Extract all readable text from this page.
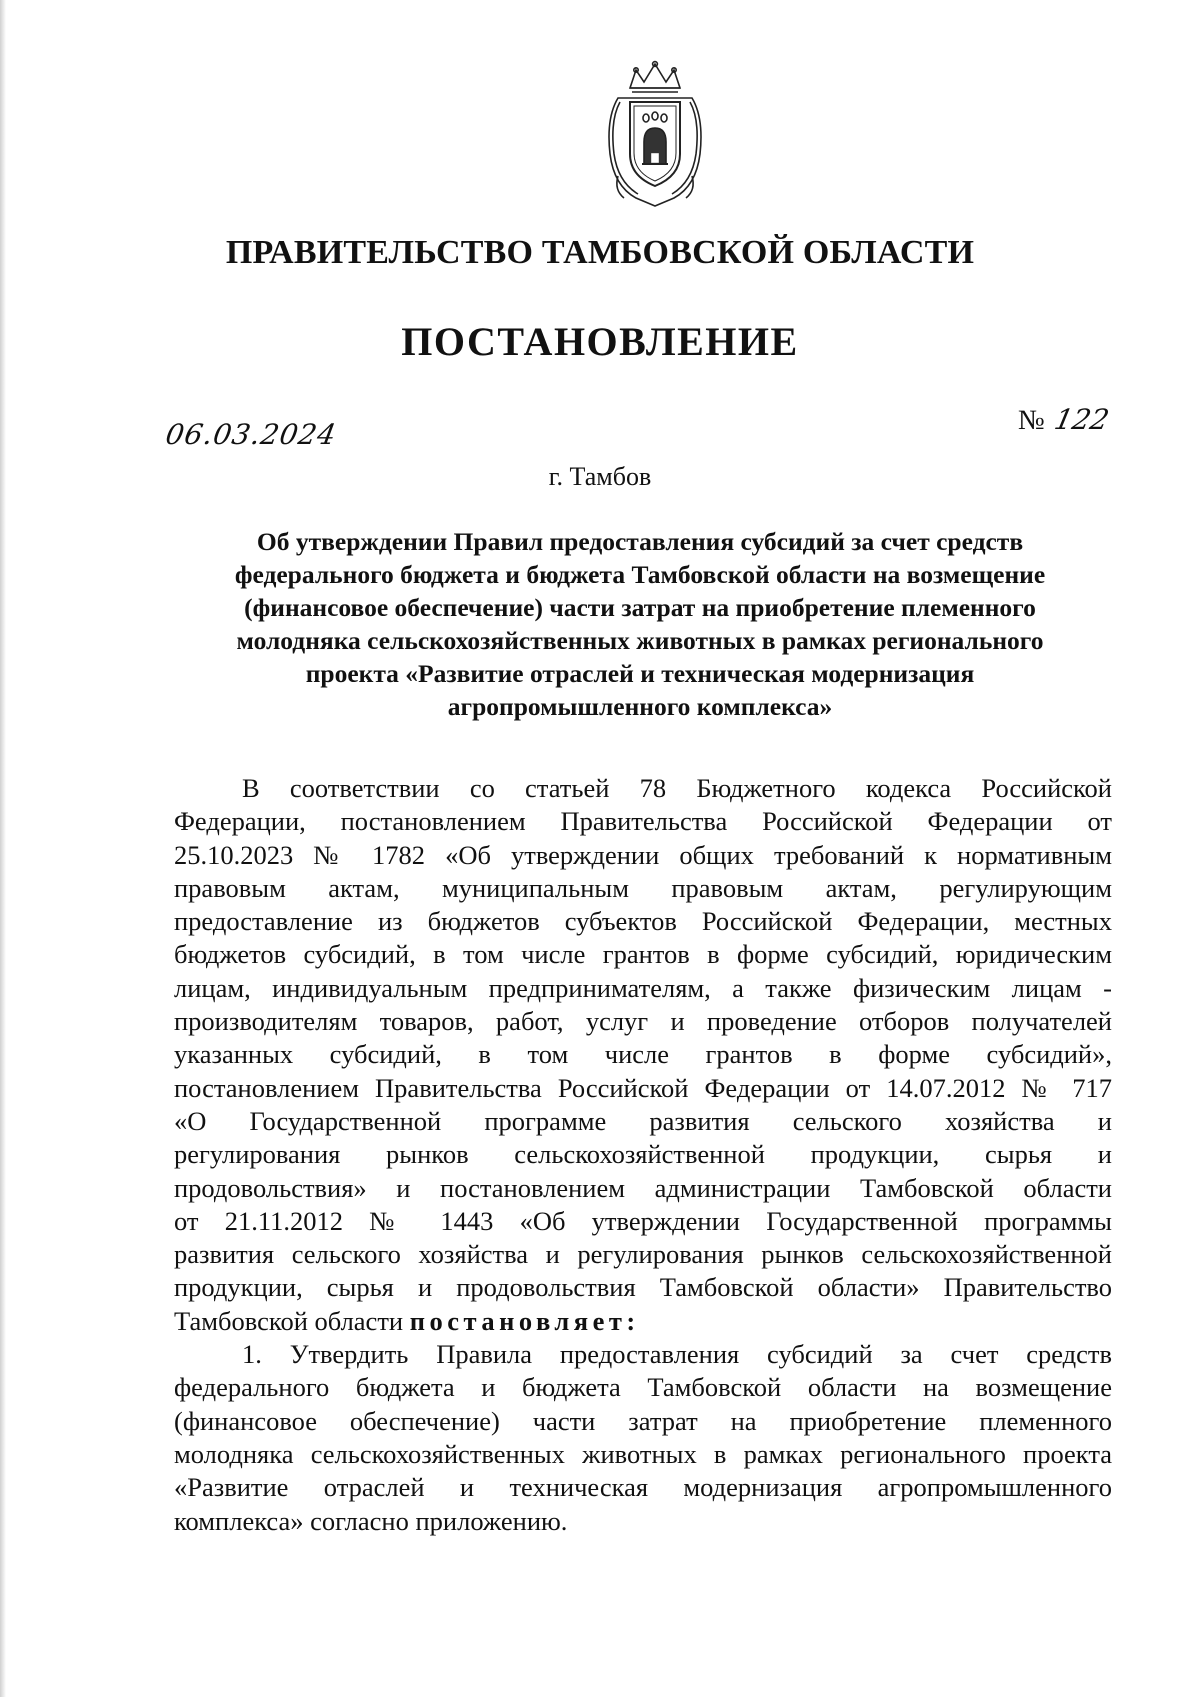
ПРАВИТЕЛЬСТВО ТАМБОВСКОЙ ОБЛАСТИ
ПОСТАНОВЛЕНИЕ
06.03.2024	№ 122
г. Тамбов
Об утверждении Правил предоставления субсидий за счет средств
федерального бюджета и бюджета Тамбовской области на возмещение
(финансовое обеспечение) части затрат на приобретение племенного
молодняка сельскохозяйственных животных в рамках регионального
проекта «Развитие отраслей и техническая модернизация
агропромышленного комплекса»
В соответствии со статьей 78 Бюджетного кодекса Российской
Федерации, постановлением Правительства Российской Федерации от
25.10.2023 № 1782 «Об утверждении общих требований к нормативным
правовым актам, муниципальным правовым актам, регулирующим
предоставление из бюджетов субъектов Российской Федерации, местных
бюджетов субсидий, в том числе грантов в форме субсидий, юридическим
лицам, индивидуальным предпринимателям, а также физическим лицам -
производителям товаров, работ, услуг и проведение отборов получателей
указанных субсидий, в том числе грантов в форме субсидий»,
постановлением Правительства Российской Федерации от 14.07.2012 № 717
«О Государственной программе развития сельского хозяйства и
регулирования рынков сельскохозяйственной продукции, сырья и
продовольствия» и постановлением администрации Тамбовской области
от 21.11.2012 № 1443 «Об утверждении Государственной программы
развития сельского хозяйства и регулирования рынков сельскохозяйственной
продукции, сырья и продовольствия Тамбовской области» Правительство
Тамбовской области постановляет:
1. Утвердить Правила предоставления субсидий за счет средств
федерального бюджета и бюджета Тамбовской области на возмещение
(финансовое обеспечение) части затрат на приобретение племенного
молодняка сельскохозяйственных животных в рамках регионального проекта
«Развитие отраслей и техническая модернизация агропромышленного
комплекса» согласно приложению.
